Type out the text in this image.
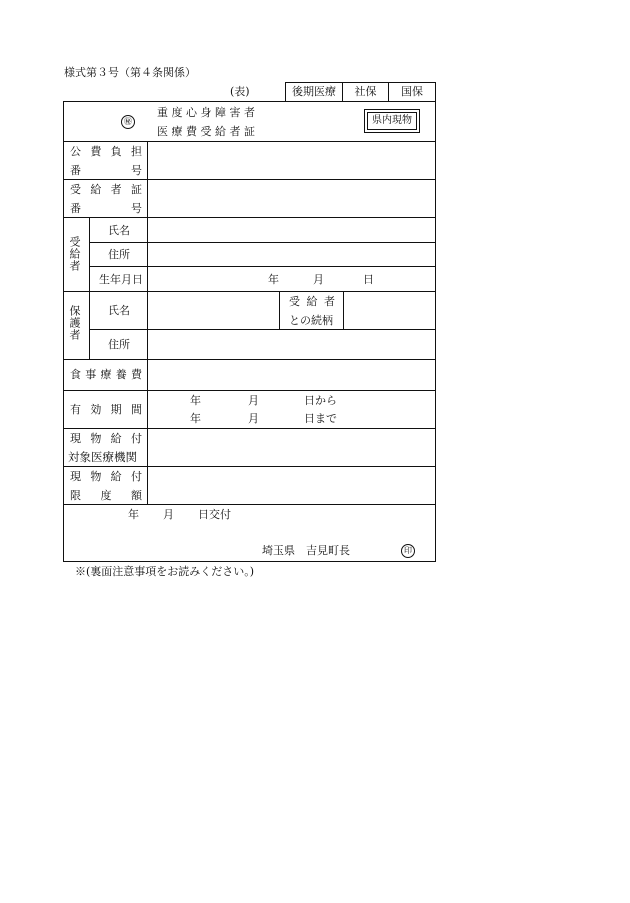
様式第３号（第４条関係）
(表)	後期医療	社保	国保
㊙
重度心身障害者
医療費受給者証
県内現物
公 費 負 担
番	号
受 給 者 証
番	号
受給者
氏名
住所
生年月日	年	月	日
保護者 氏名
受 給 者
との続柄
住所
食 事 療 養 費
有 効 期 間
年	月	日から
年	月	日まで
現 物 給 付
対象医療機関
現 物 給 付
限 度 額
年 月 日交付
埼玉県　吉見町長	印
※(裏面注意事項をお読みください。)
